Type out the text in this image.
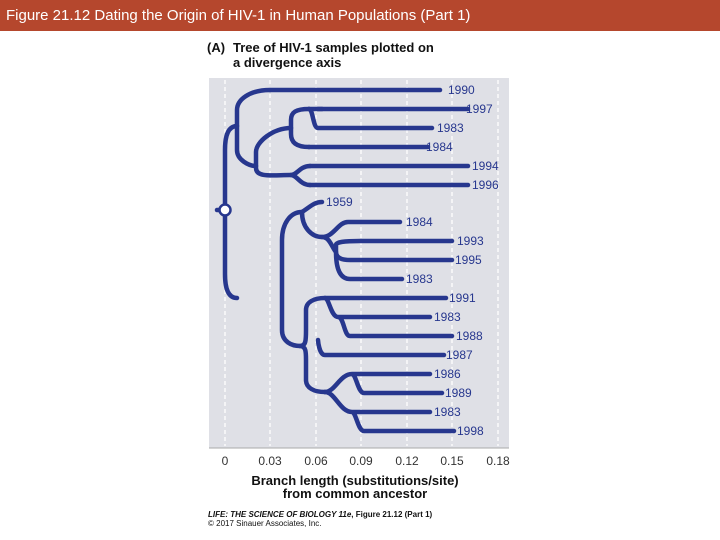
Figure 21.12 Dating the Origin of HIV-1 in Human Populations (Part 1)
(A) Tree of HIV-1 samples plotted on
a divergence axis
1990
1997
1983
1984
1994
1996
1959
1984
1993
1995
1983
1991
1983
1988
1987
1986
1989
1983
1998
0 0.03 0.06 0.09 0.12 0.15 0.18
Branch length (substitutions/site)
from common ancestor
LIFE: THE SCIENCE OF BIOLOGY 11e, Figure 21.12 (Part 1)
© 2017 Sinauer Associates, Inc.
